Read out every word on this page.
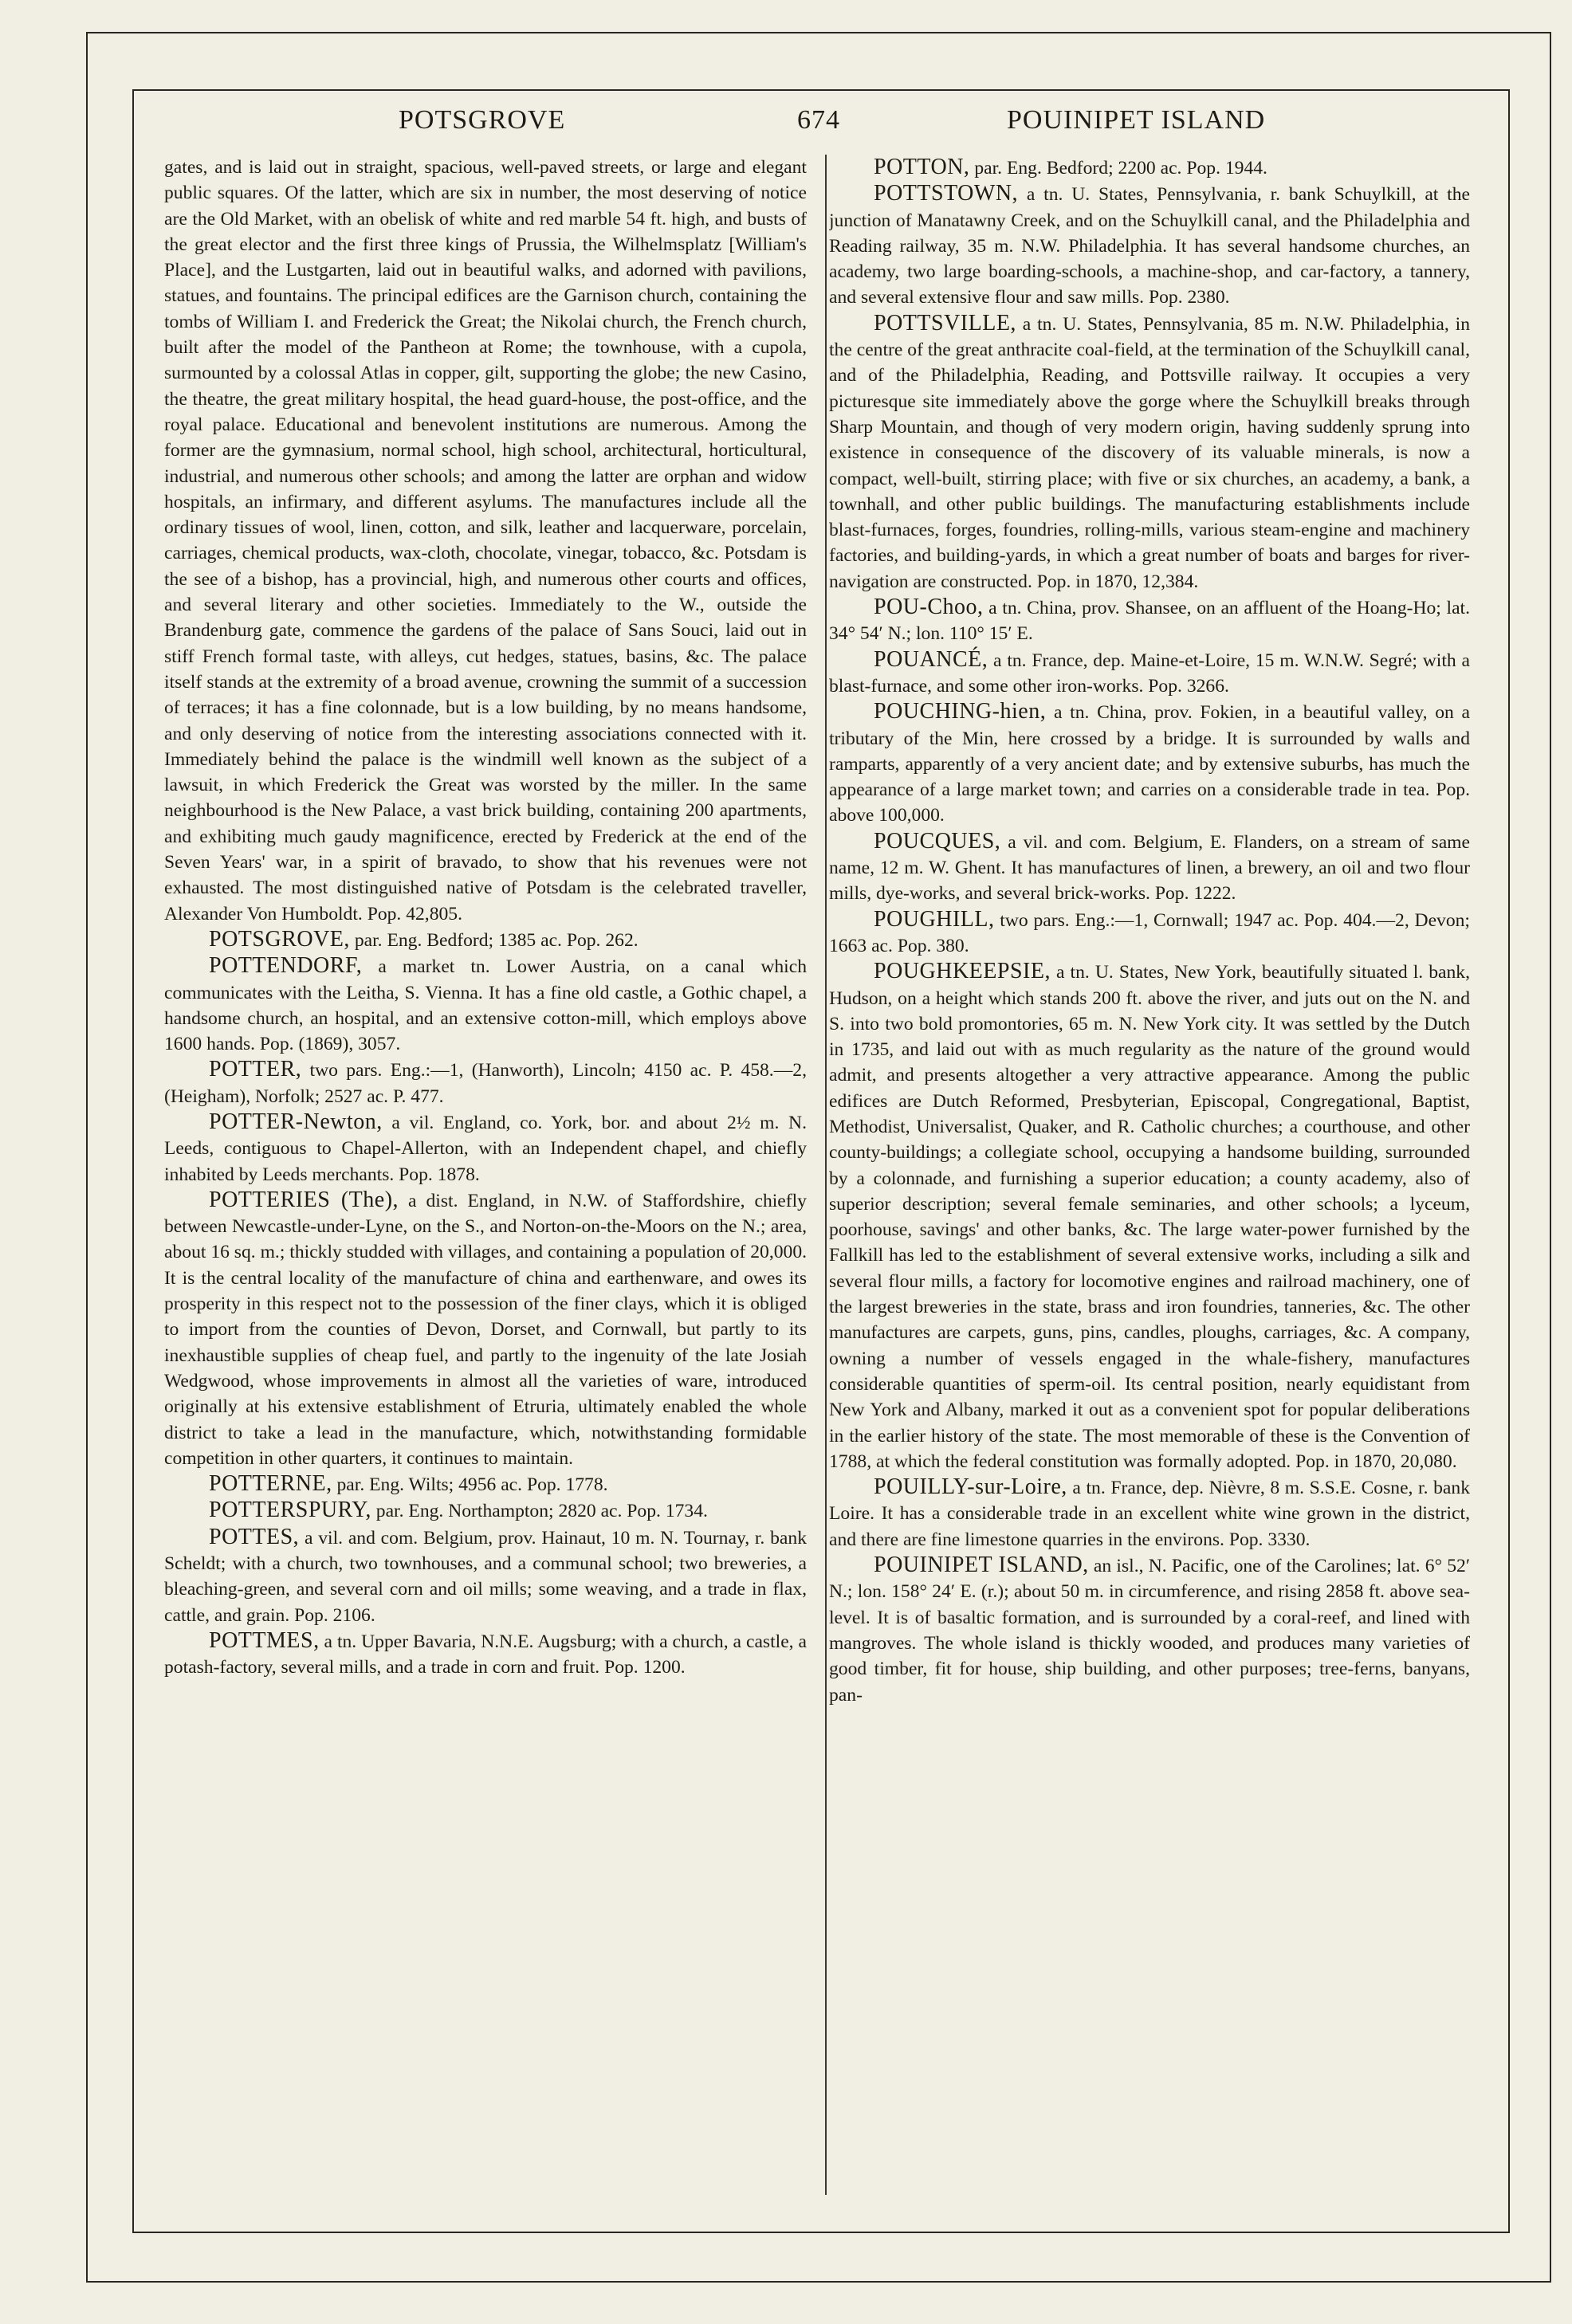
POTSGROVE	674	POUINIPET ISLAND

gates, and is laid out in straight, spacious, well-paved streets, or large and elegant public squares. Of the latter, which are six in number, the most deserving of notice are the Old Market, with an obelisk of white and red marble 54 ft. high, and busts of the great elector and the first three kings of Prussia, the Wilhelmsplatz [William's Place], and the Lustgarten, laid out in beautiful walks, and adorned with pavilions, statues, and fountains. The principal edifices are the Garnison church, containing the tombs of William I. and Frederick the Great; the Nikolai church, the French church, built after the model of the Pantheon at Rome; the townhouse, with a cupola, surmounted by a colossal Atlas in copper, gilt, supporting the globe; the new Casino, the theatre, the great military hospital, the head guard-house, the post-office, and the royal palace. Educational and benevolent institutions are numerous. Among the former are the gymnasium, normal school, high school, architectural, horticultural, industrial, and numerous other schools; and among the latter are orphan and widow hospitals, an infirmary, and different asylums. The manufactures include all the ordinary tissues of wool, linen, cotton, and silk, leather and lacquerware, porcelain, carriages, chemical products, wax-cloth, chocolate, vinegar, tobacco, &c. Potsdam is the see of a bishop, has a provincial, high, and numerous other courts and offices, and several literary and other societies. Immediately to the W., outside the Brandenburg gate, commence the gardens of the palace of Sans Souci, laid out in stiff French formal taste, with alleys, cut hedges, statues, basins, &c. The palace itself stands at the extremity of a broad avenue, crowning the summit of a succession of terraces; it has a fine colonnade, but is a low building, by no means handsome, and only deserving of notice from the interesting associations connected with it. Immediately behind the palace is the windmill well known as the subject of a lawsuit, in which Frederick the Great was worsted by the miller. In the same neighbourhood is the New Palace, a vast brick building, containing 200 apartments, and exhibiting much gaudy magnificence, erected by Frederick at the end of the Seven Years' war, in a spirit of bravado, to show that his revenues were not exhausted. The most distinguished native of Potsdam is the celebrated traveller, Alexander Von Humboldt. Pop. 42,805.

POTSGROVE, par. Eng. Bedford; 1385 ac. Pop. 262.

POTTENDORF, a market tn. Lower Austria, on a canal which communicates with the Leitha, S. Vienna. It has a fine old castle, a Gothic chapel, a handsome church, an hospital, and an extensive cotton-mill, which employs above 1600 hands. Pop. (1869), 3057.

POTTER, two pars. Eng.:—1, (Hanworth), Lincoln; 4150 ac. P. 458.—2, (Heigham), Norfolk; 2527 ac. P. 477.

POTTER-Newton, a vil. England, co. York, bor. and about 2½ m. N. Leeds, contiguous to Chapel-Allerton, with an Independent chapel, and chiefly inhabited by Leeds merchants. Pop. 1878.

POTTERIES (The), a dist. England, in N.W. of Staffordshire, chiefly between Newcastle-under-Lyne, on the S., and Norton-on-the-Moors on the N.; area, about 16 sq. m.; thickly studded with villages, and containing a population of 20,000. It is the central locality of the manufacture of china and earthenware, and owes its prosperity in this respect not to the possession of the finer clays, which it is obliged to import from the counties of Devon, Dorset, and Cornwall, but partly to its inexhaustible supplies of cheap fuel, and partly to the ingenuity of the late Josiah Wedgwood, whose improvements in almost all the varieties of ware, introduced originally at his extensive establishment of Etruria, ultimately enabled the whole district to take a lead in the manufacture, which, notwithstanding formidable competition in other quarters, it continues to maintain.

POTTERNE, par. Eng. Wilts; 4956 ac. Pop. 1778.

POTTERSPURY, par. Eng. Northampton; 2820 ac. Pop. 1734.

POTTES, a vil. and com. Belgium, prov. Hainaut, 10 m. N. Tournay, r. bank Scheldt; with a church, two townhouses, and a communal school; two breweries, a bleaching-green, and several corn and oil mills; some weaving, and a trade in flax, cattle, and grain. Pop. 2106.

POTTMES, a tn. Upper Bavaria, N.N.E. Augsburg; with a church, a castle, a potash-factory, several mills, and a trade in corn and fruit. Pop. 1200.

POTTON, par. Eng. Bedford; 2200 ac. Pop. 1944.

POTTSTOWN, a tn. U. States, Pennsylvania, r. bank Schuylkill, at the junction of Manatawny Creek, and on the Schuylkill canal, and the Philadelphia and Reading railway, 35 m. N.W. Philadelphia. It has several handsome churches, an academy, two large boarding-schools, a machine-shop, and car-factory, a tannery, and several extensive flour and saw mills. Pop. 2380.

POTTSVILLE, a tn. U. States, Pennsylvania, 85 m. N.W. Philadelphia, in the centre of the great anthracite coal-field, at the termination of the Schuylkill canal, and of the Philadelphia, Reading, and Pottsville railway. It occupies a very picturesque site immediately above the gorge where the Schuylkill breaks through Sharp Mountain, and though of very modern origin, having suddenly sprung into existence in consequence of the discovery of its valuable minerals, is now a compact, well-built, stirring place; with five or six churches, an academy, a bank, a townhall, and other public buildings. The manufacturing establishments include blast-furnaces, forges, foundries, rolling-mills, various steam-engine and machinery factories, and building-yards, in which a great number of boats and barges for river-navigation are constructed. Pop. in 1870, 12,384.

POU-Choo, a tn. China, prov. Shansee, on an affluent of the Hoang-Ho; lat. 34° 54′ N.; lon. 110° 15′ E.

POUANCÉ, a tn. France, dep. Maine-et-Loire, 15 m. W.N.W. Segré; with a blast-furnace, and some other iron-works. Pop. 3266.

POUCHING-hien, a tn. China, prov. Fokien, in a beautiful valley, on a tributary of the Min, here crossed by a bridge. It is surrounded by walls and ramparts, apparently of a very ancient date; and by extensive suburbs, has much the appearance of a large market town; and carries on a considerable trade in tea. Pop. above 100,000.

POUCQUES, a vil. and com. Belgium, E. Flanders, on a stream of same name, 12 m. W. Ghent. It has manufactures of linen, a brewery, an oil and two flour mills, dye-works, and several brick-works. Pop. 1222.

POUGHILL, two pars. Eng.:—1, Cornwall; 1947 ac. Pop. 404.—2, Devon; 1663 ac. Pop. 380.

POUGHKEEPSIE, a tn. U. States, New York, beautifully situated l. bank, Hudson, on a height which stands 200 ft. above the river, and juts out on the N. and S. into two bold promontories, 65 m. N. New York city. It was settled by the Dutch in 1735, and laid out with as much regularity as the nature of the ground would admit, and presents altogether a very attractive appearance. Among the public edifices are Dutch Reformed, Presbyterian, Episcopal, Congregational, Baptist, Methodist, Universalist, Quaker, and R. Catholic churches; a courthouse, and other county-buildings; a collegiate school, occupying a handsome building, surrounded by a colonnade, and furnishing a superior education; a county academy, also of superior description; several female seminaries, and other schools; a lyceum, poorhouse, savings' and other banks, &c. The large water-power furnished by the Fallkill has led to the establishment of several extensive works, including a silk and several flour mills, a factory for locomotive engines and railroad machinery, one of the largest breweries in the state, brass and iron foundries, tanneries, &c. The other manufactures are carpets, guns, pins, candles, ploughs, carriages, &c. A company, owning a number of vessels engaged in the whale-fishery, manufactures considerable quantities of sperm-oil. Its central position, nearly equidistant from New York and Albany, marked it out as a convenient spot for popular deliberations in the earlier history of the state. The most memorable of these is the Convention of 1788, at which the federal constitution was formally adopted. Pop. in 1870, 20,080.

POUILLY-sur-Loire, a tn. France, dep. Nièvre, 8 m. S.S.E. Cosne, r. bank Loire. It has a considerable trade in an excellent white wine grown in the district, and there are fine limestone quarries in the environs. Pop. 3330.

POUINIPET ISLAND, an isl., N. Pacific, one of the Carolines; lat. 6° 52′ N.; lon. 158° 24′ E. (r.); about 50 m. in circumference, and rising 2858 ft. above sea-level. It is of basaltic formation, and is surrounded by a coral-reef, and lined with mangroves. The whole island is thickly wooded, and produces many varieties of good timber, fit for house, ship building, and other purposes; tree-ferns, banyans, pan-
